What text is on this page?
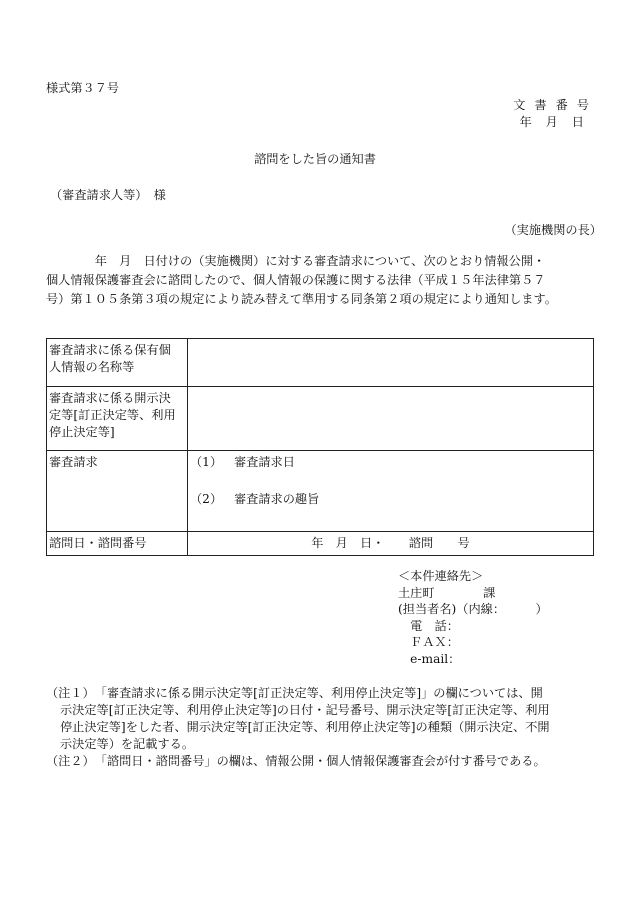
様式第３７号
文書番号
年月日
諮問をした旨の通知書
（審査請求人等）　様
（実施機関の長）
　　　　年　月　日付けの（実施機関）に対する審査請求について、次のとおり情報公開・
個人情報保護審査会に諮問したので、個人情報の保護に関する法律（平成１５年法律第５７
号）第１０５条第３項の規定により読み替えて準用する同条第２項の規定により通知します。
審査請求に係る保有個
人情報の名称等	

審査請求に係る開示決
定等[訂正決定等、利用
停止決定等]	

審査請求	（1） 審査請求日
（2） 審査請求の趣旨

諮問日・諮問番号	年　月　日・　　諮問　　号
＜本件連絡先＞
土庄町　　　　課
(担当者名)（内線：　　　）
　電　話：
　ＦＡＸ：
　e-mail：
（注１）　「審査請求に係る開示決定等[訂正決定等、利用停止決定等]」の欄については、開
示決定等[訂正決定等、利用停止決定等]の日付・記号番号、開示決定等[訂正決定等、利用
停止決定等]をした者、開示決定等[訂正決定等、利用停止決定等]の種類（開示決定、不開
示決定等）を記載する。
（注２）　「諮問日・諮問番号」の欄は、情報公開・個人情報保護審査会が付す番号である。
